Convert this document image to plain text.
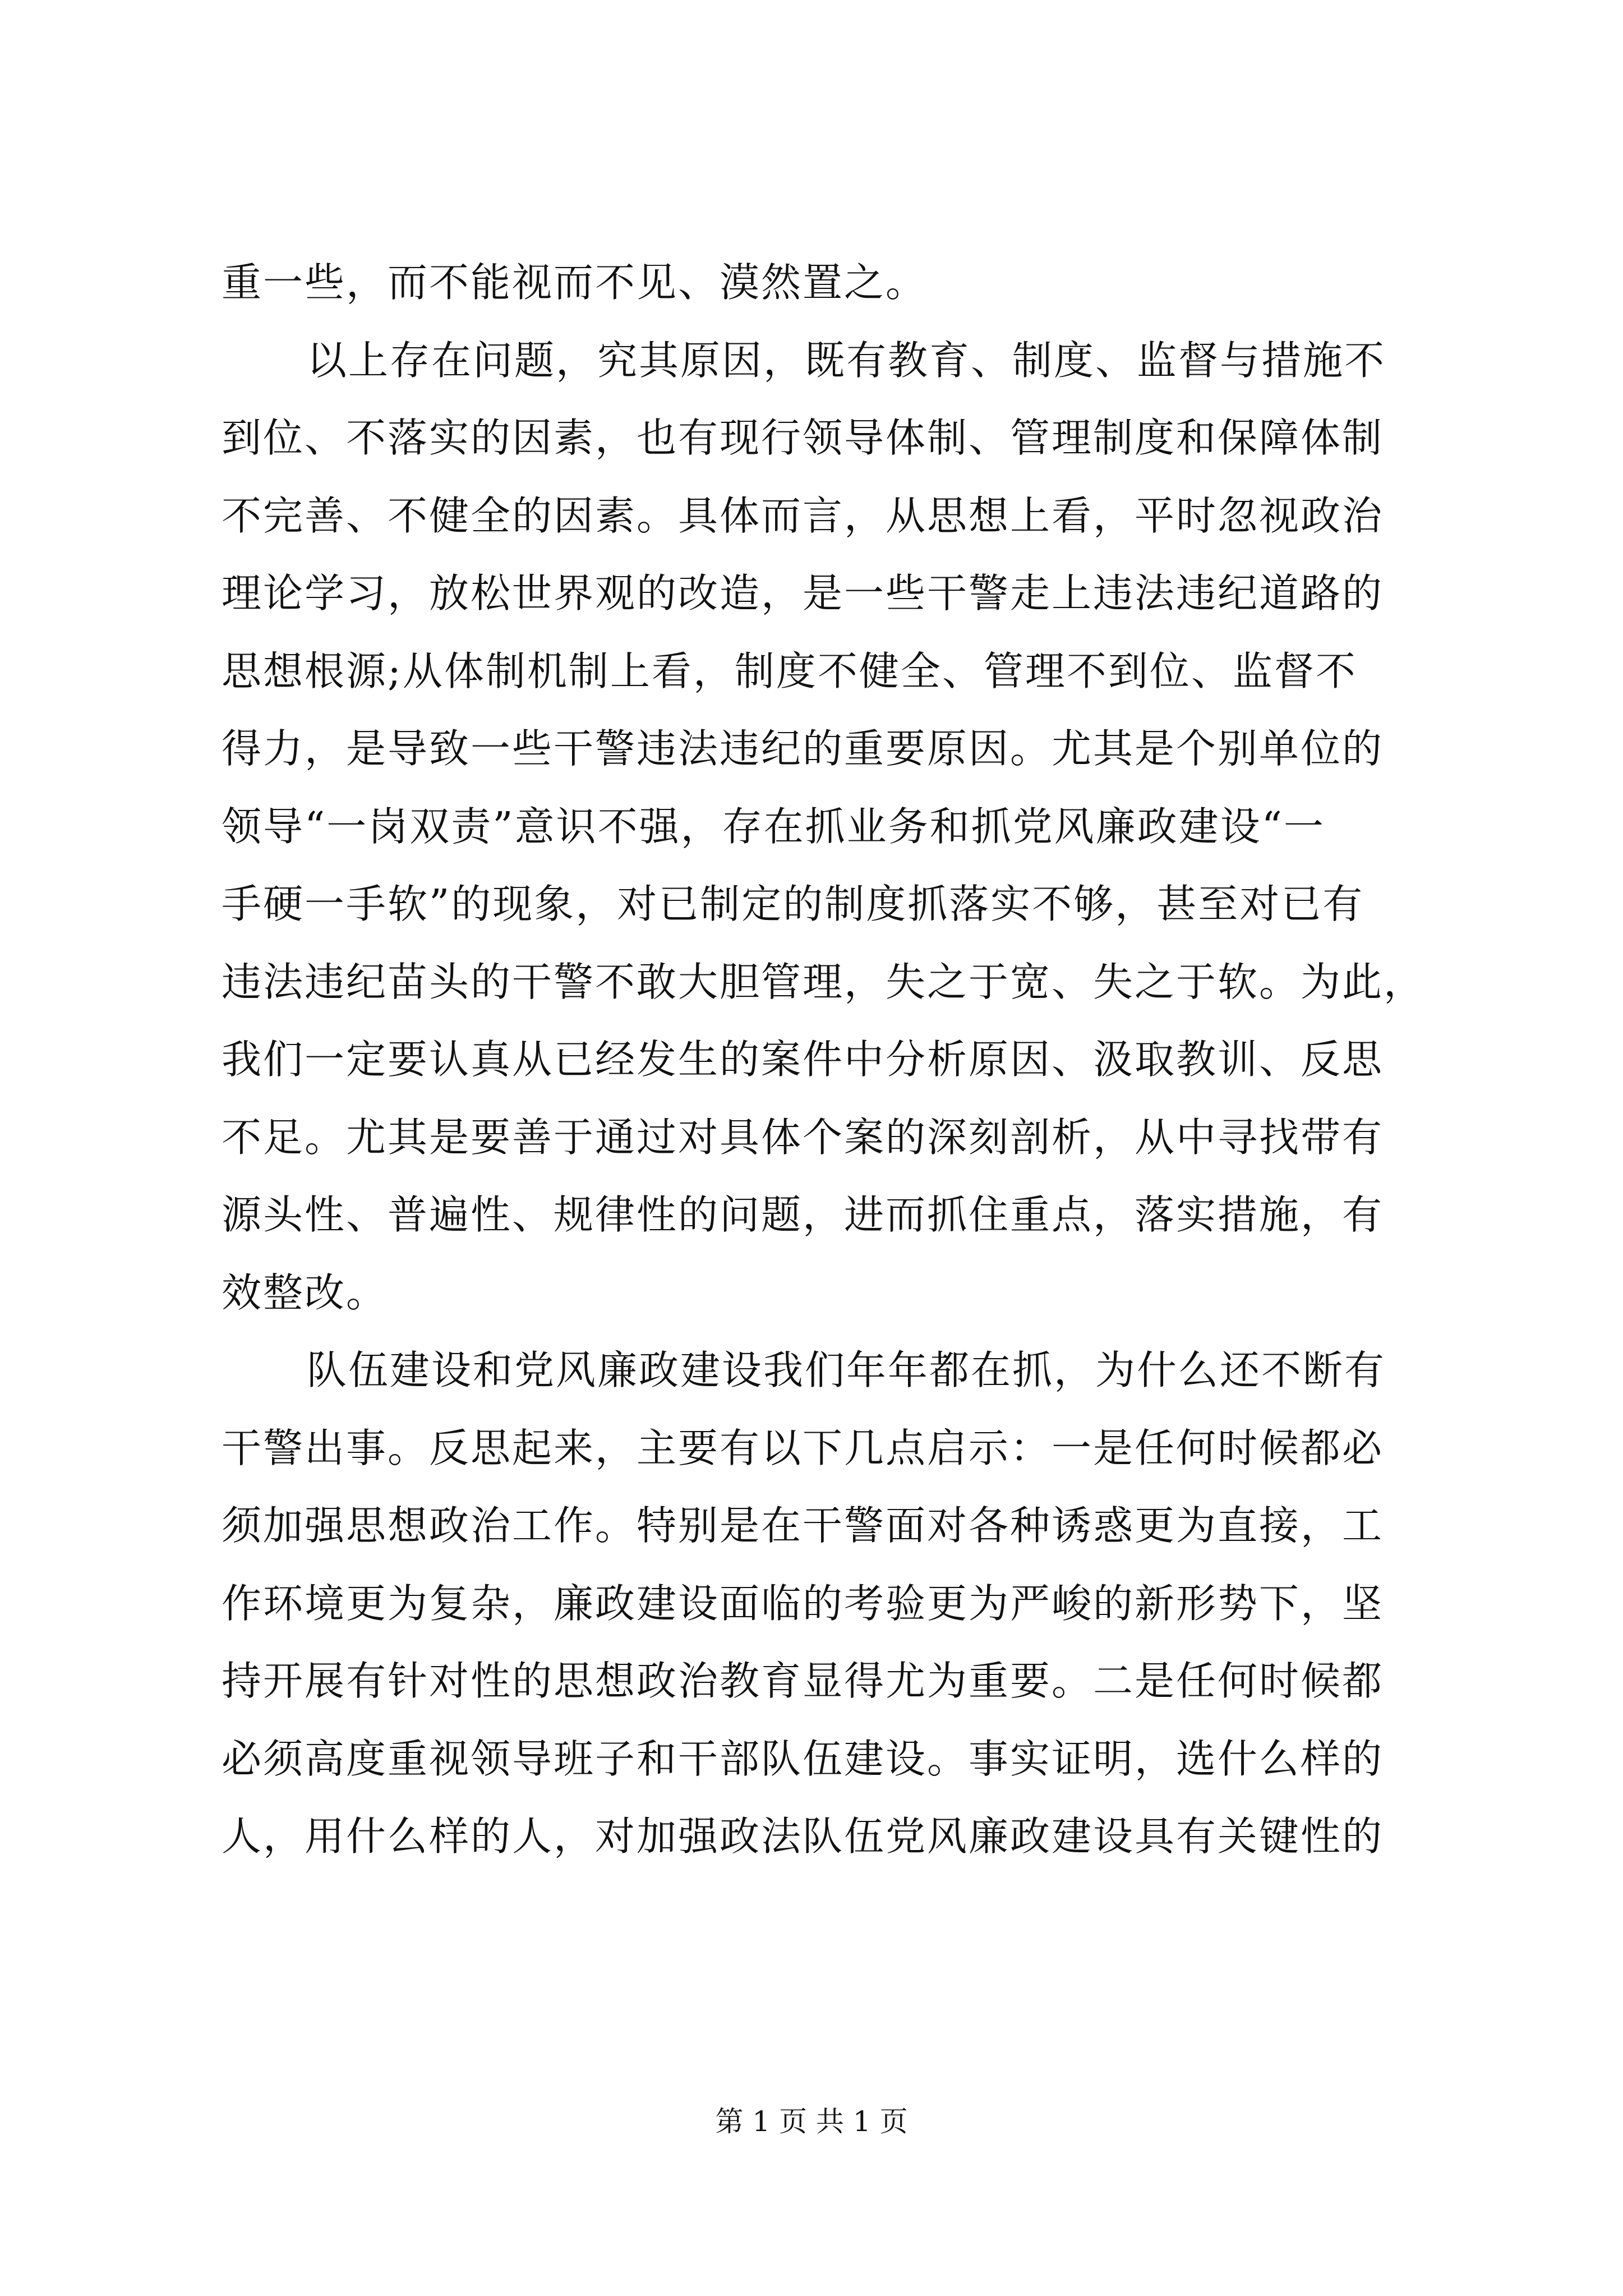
重一些，而不能视而不见、漠然置之。

以上存在问题，究其原因，既有教育、制度、监督与措施不

到位、不落实的因素，也有现行领导体制、管理制度和保障体制

不完善、不健全的因素。具体而言，从思想上看，平时忽视政治

理论学习，放松世界观的改造，是一些干警走上违法违纪道路的

思想根源;从体制机制上看，制度不健全、管理不到位、监督不

得力，是导致一些干警违法违纪的重要原因。尤其是个别单位的

领导“一岗双责”意识不强，存在抓业务和抓党风廉政建设“一

手硬一手软”的现象，对已制定的制度抓落实不够，甚至对已有

违法违纪苗头的干警不敢大胆管理，失之于宽、失之于软。为此，

我们一定要认真从已经发生的案件中分析原因、汲取教训、反思

不足。尤其是要善于通过对具体个案的深刻剖析，从中寻找带有

源头性、普遍性、规律性的问题，进而抓住重点，落实措施，有

效整改。

队伍建设和党风廉政建设我们年年都在抓，为什么还不断有

干警出事。反思起来，主要有以下几点启示：一是任何时候都必

须加强思想政治工作。特别是在干警面对各种诱惑更为直接，工

作环境更为复杂，廉政建设面临的考验更为严峻的新形势下，坚

持开展有针对性的思想政治教育显得尤为重要。二是任何时候都

必须高度重视领导班子和干部队伍建设。事实证明，选什么样的

人，用什么样的人，对加强政法队伍党风廉政建设具有关键性的

第 1 页 共 1 页
